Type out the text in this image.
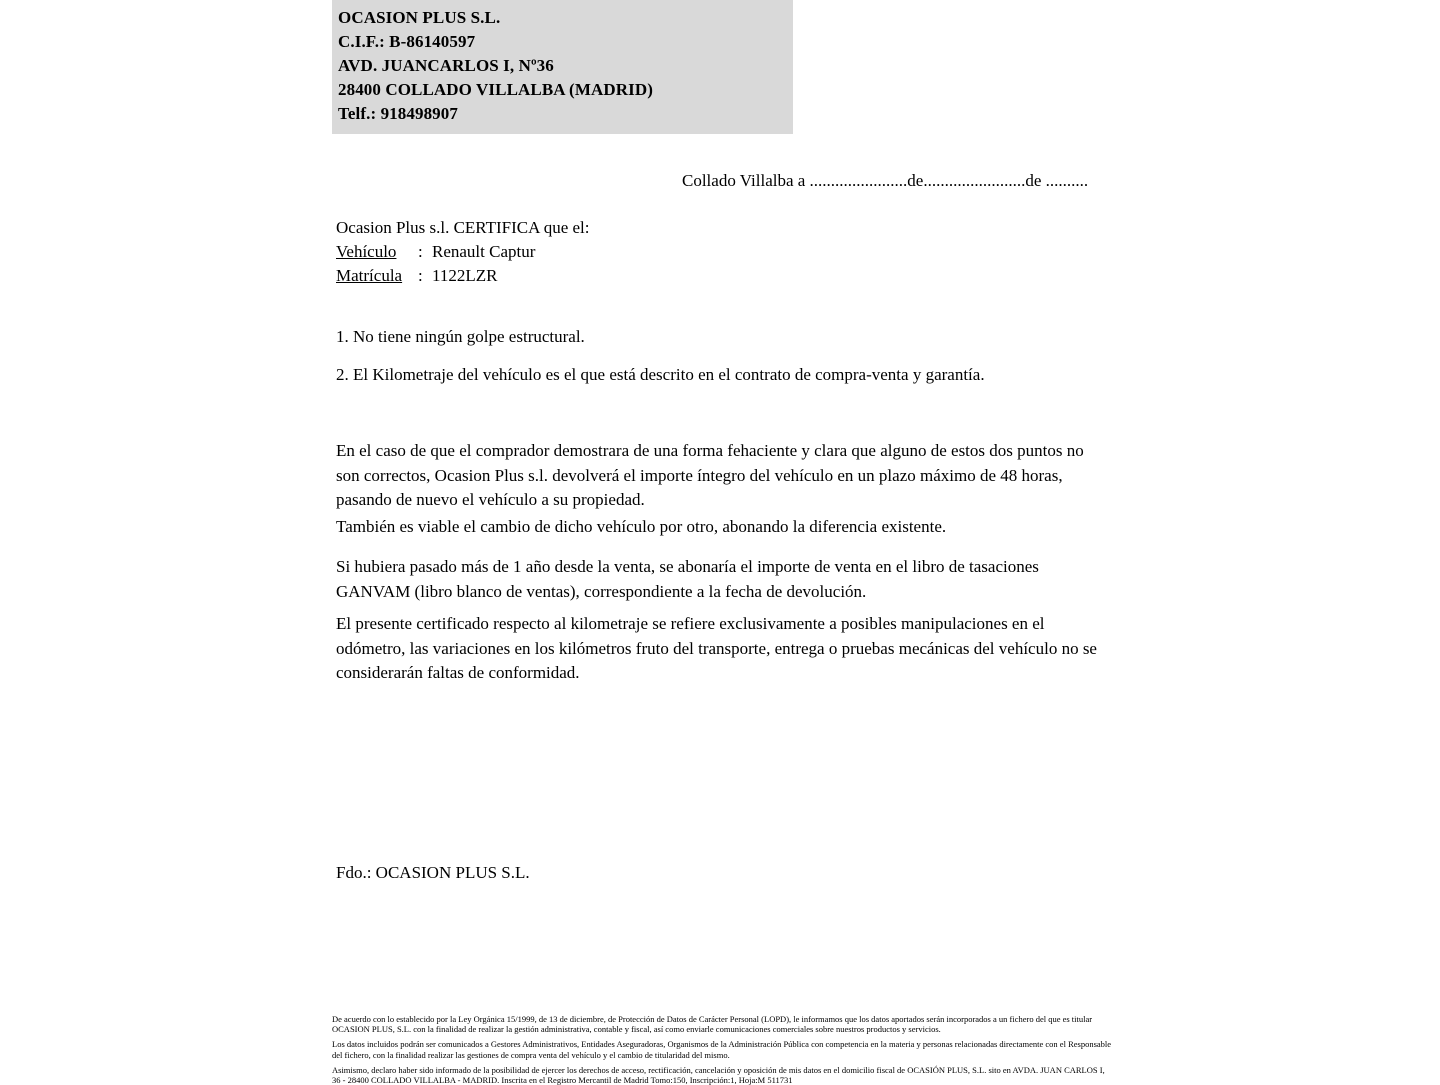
OCASION PLUS S.L.
C.I.F.: B-86140597
AVD. JUANCARLOS I, Nº36
28400 COLLADO VILLALBA (MADRID)
Telf.: 918498907
Collado Villalba a .......................de........................de ..........
Ocasion Plus s.l. CERTIFICA que el:
Vehículo : Renault Captur
Matrícula : 1122LZR
1. No tiene ningún golpe estructural.
2. El Kilometraje del vehículo es el que está descrito en el contrato de compra-venta y garantía.
En el caso de que el comprador demostrara de una forma fehaciente y clara que alguno de estos dos puntos no son correctos, Ocasion Plus s.l. devolverá el importe íntegro del vehículo en un plazo máximo de 48 horas, pasando de nuevo el vehículo a su propiedad.
También es viable el cambio de dicho vehículo por otro, abonando la diferencia existente.
Si hubiera pasado más de 1 año desde la venta, se abonaría el importe de venta en el libro de tasaciones GANVAM (libro blanco de ventas), correspondiente a la fecha de devolución.
El presente certificado respecto al kilometraje se refiere exclusivamente a posibles manipulaciones en el odómetro, las variaciones en los kilómetros fruto del transporte, entrega o pruebas mecánicas del vehículo no se considerarán faltas de conformidad.
Fdo.: OCASION PLUS S.L.

De acuerdo con lo establecido por la Ley Orgánica 15/1999, de 13 de diciembre, de Protección de Datos de Carácter Personal (LOPD), le informamos que los datos aportados serán incorporados a un fichero del que es titular OCASION PLUS, S.L. con la finalidad de realizar la gestión administrativa, contable y fiscal, así como enviarle comunicaciones comerciales sobre nuestros productos y servicios.

Los datos incluidos podrán ser comunicados a Gestores Administrativos, Entidades Aseguradoras, Organismos de la Administración Pública con competencia en la materia y personas relacionadas directamente con el Responsable del fichero, con la finalidad realizar las gestiones de compra venta del vehículo y el cambio de titularidad del mismo.

Asimismo, declaro haber sido informado de la posibilidad de ejercer los derechos de acceso, rectificación, cancelación y oposición de mis datos en el domicilio fiscal de OCASIÓN PLUS, S.L. sito en AVDA. JUAN CARLOS I, 36 - 28400 COLLADO VILLALBA - MADRID. Inscrita en el Registro Mercantil de Madrid Tomo:150, Inscripción:1, Hoja:M 511731
